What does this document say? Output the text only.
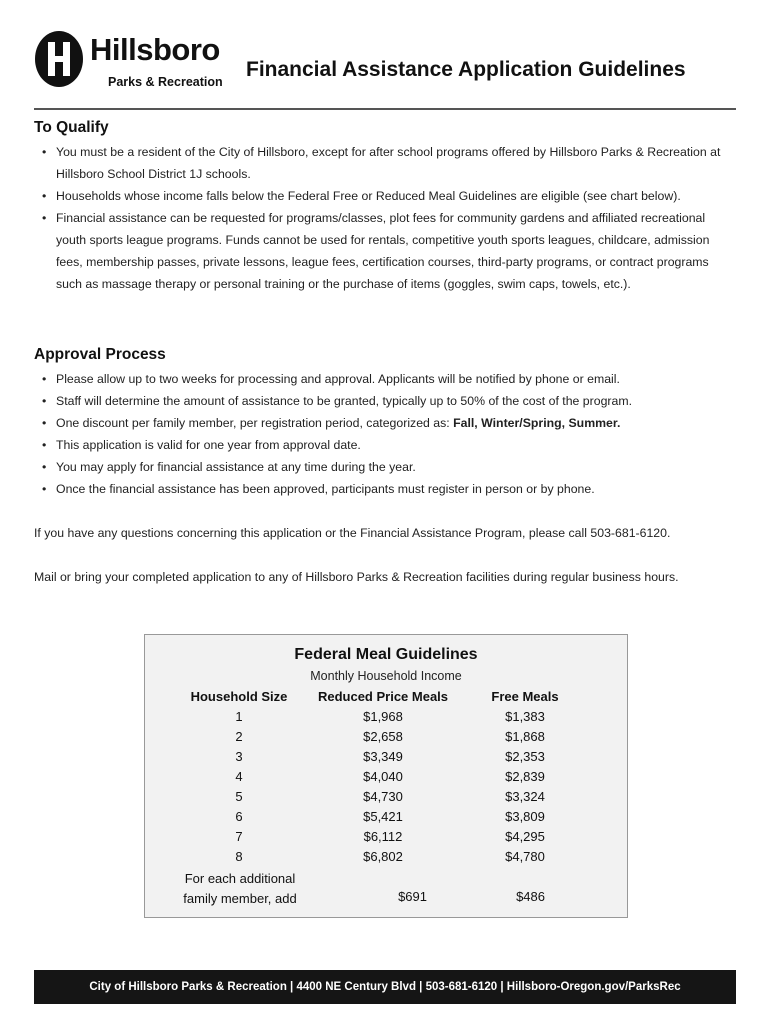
Hillsboro
Parks & Recreation
Financial Assistance Application Guidelines
To Qualify
• You must be a resident of the City of Hillsboro, except for after school programs offered by Hillsboro Parks & Recreation at Hillsboro School District 1J schools.
• Households whose income falls below the Federal Free or Reduced Meal Guidelines are eligible (see chart below).
• Financial assistance can be requested for programs/classes, plot fees for community gardens and affiliated recreational youth sports league programs. Funds cannot be used for rentals, competitive youth sports leagues, childcare, admission fees, membership passes, private lessons, league fees, certification courses, third-party programs, or contract programs such as massage therapy or personal training or the purchase of items (goggles, swim caps, towels, etc.).
Approval Process
• Please allow up to two weeks for processing and approval. Applicants will be notified by phone or email.
• Staff will determine the amount of assistance to be granted, typically up to 50% of the cost of the program.
• One discount per family member, per registration period, categorized as: Fall, Winter/Spring, Summer.
• This application is valid for one year from approval date.
• You may apply for financial assistance at any time during the year.
• Once the financial assistance has been approved, participants must register in person or by phone.

If you have any questions concerning this application or the Financial Assistance Program, please call 503-681-6120.

Mail or bring your completed application to any of Hillsboro Parks & Recreation facilities during regular business hours.

Federal Meal Guidelines
Monthly Household Income
Household Size	Reduced Price Meals	Free Meals
1	$1,968	$1,383
2	$2,658	$1,868
3	$3,349	$2,353
4	$4,040	$2,839
5	$4,730	$3,324
6	$5,421	$3,809
7	$6,112	$4,295
8	$6,802	$4,780
For each additional
family member, add	$691	$486
City of Hillsboro Parks & Recreation | 4400 NE Century Blvd | 503-681-6120 | Hillsboro-Oregon.gov/ParksRec
